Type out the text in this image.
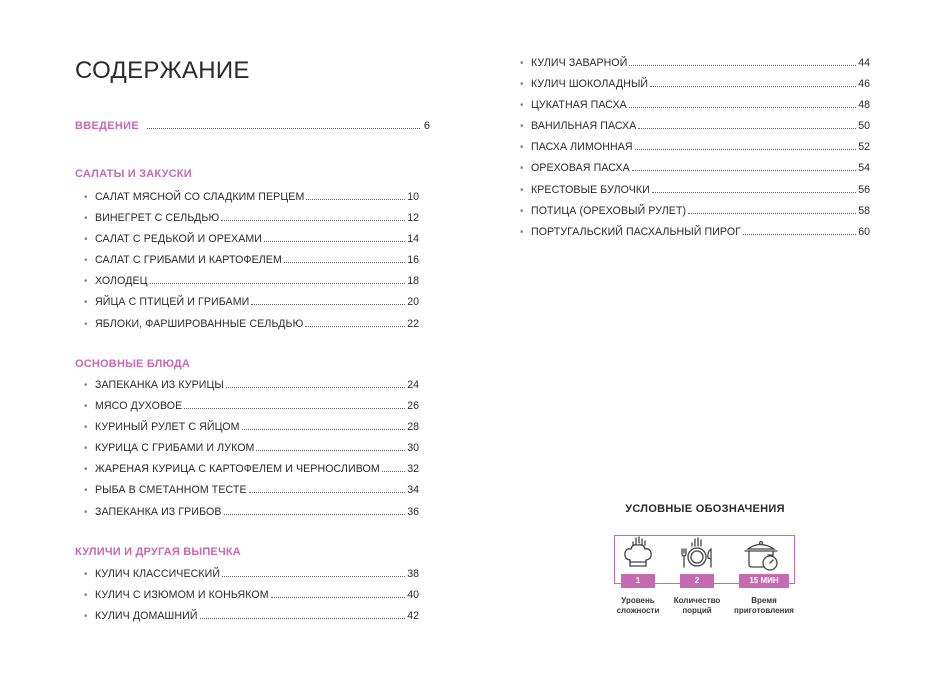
СОДЕРЖАНИЕ
ВВЕДЕНИЕ	6
САЛАТЫ И ЗАКУСКИ
• САЛАТ МЯСНОЙ СО СЛАДКИМ ПЕРЦЕМ	10
• ВИНЕГРЕТ С СЕЛЬДЬЮ	12
• САЛАТ С РЕДЬКОЙ И ОРЕХАМИ	14
• САЛАТ С ГРИБАМИ И КАРТОФЕЛЕМ	16
• ХОЛОДЕЦ	18
• ЯЙЦА С ПТИЦЕЙ И ГРИБАМИ	20
• ЯБЛОКИ, ФАРШИРОВАННЫЕ СЕЛЬДЬЮ	22
ОСНОВНЫЕ БЛЮДА
• ЗАПЕКАНКА ИЗ КУРИЦЫ	24
• МЯСО ДУХОВОЕ	26
• КУРИНЫЙ РУЛЕТ С ЯЙЦОМ	28
• КУРИЦА С ГРИБАМИ И ЛУКОМ	30
• ЖАРЕНАЯ КУРИЦА С КАРТОФЕЛЕМ И ЧЕРНОСЛИВОМ	32
• РЫБА В СМЕТАННОМ ТЕСТЕ	34
• ЗАПЕКАНКА ИЗ ГРИБОВ	36
КУЛИЧИ И ДРУГАЯ ВЫПЕЧКА
• КУЛИЧ КЛАССИЧЕСКИЙ	38
• КУЛИЧ С ИЗЮМОМ И КОНЬЯКОМ	40
• КУЛИЧ ДОМАШНИЙ	42
• КУЛИЧ ЗАВАРНОЙ	44
• КУЛИЧ ШОКОЛАДНЫЙ	46
• ЦУКАТНАЯ ПАСХА	48
• ВАНИЛЬНАЯ ПАСХА	50
• ПАСХА ЛИМОННАЯ	52
• ОРЕХОВАЯ ПАСХА	54
• КРЕСТОВЫЕ БУЛОЧКИ	56
• ПОТИЦА (ОРЕХОВЫЙ РУЛЕТ)	58
• ПОРТУГАЛЬСКИЙ ПАСХАЛЬНЫЙ ПИРОГ	60
УСЛОВНЫЕ ОБОЗНАЧЕНИЯ
1	2	15 МИН
Уровень
сложности
Количество
порций
Время
приготовления
